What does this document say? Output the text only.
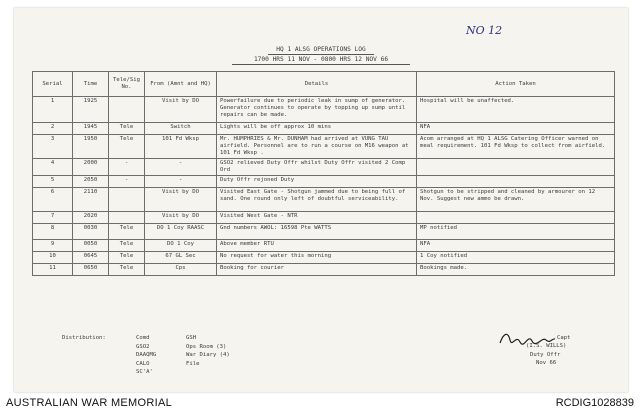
NO 12
HQ 1 ALSG OPERATIONS LOG
1700 HRS 11 NOV - 0800 HRS 12 NOV 66
Serial	Time	Tele/Sig No.	From (Amnt and HQ)	Details	Action Taken
1	1925		Visit by DO	Powerfailure due to periodic leak in sump of generator. Generator continues to operate by topping up sump until repairs can be made.	Hospital will be unaffected.
2	1945	Tele	Switch	Lights will be off approx 10 mins	NFA
3	1950	Tele	101 Fd Wksp	Mr. HUMPHRIES & Mr. DUNHAM had arrived at VUNG TAU airfield. Personnel are to run a course on M16 weapon at 101 Fd Wksp .	Acom arranged at HQ 1 ALSG Catering Officer warned on meal requirement. 101 Fd Wksp to collect from airfield.
4	2000	-	-	GSO2 relieved Duty Offr whilst Duty Offr visited 2 Comp Ord	
5	2050	-	-	Duty Offr rejoned Duty	
6	2110		Visit by DO	Visited East Gate - Shotgun jammed due to being full of sand. One round only left of doubtful serviceability.	Shotgun to be stripped and cleaned by armourer on 12 Nov. Suggest new ammo be drawn.
7	2020		Visit by DO	Visited West Gate - NTR	
8	0030	Tele	DO 1 Coy RAASC	Gnd numbers AWOL: 16598 Pte WATTS	MP notified
9	0050	Tele	DO 1 Coy	Above member RTU	NFA
10	0645	Tele	67 GL Sec	No request for water this morning	1 Coy notified
11	0650	Tele	Cps	Booking for courier	Bookings made.
Distribution:	Comd
GSO2
DAAQMG
CALO
SC'A'
GSH
Ops Room (3)
War Diary (4)
File
Capt
(I.S. WILLS)
Duty Offr
Nov 66
AUSTRALIAN WAR MEMORIAL	RCDIG1028839
